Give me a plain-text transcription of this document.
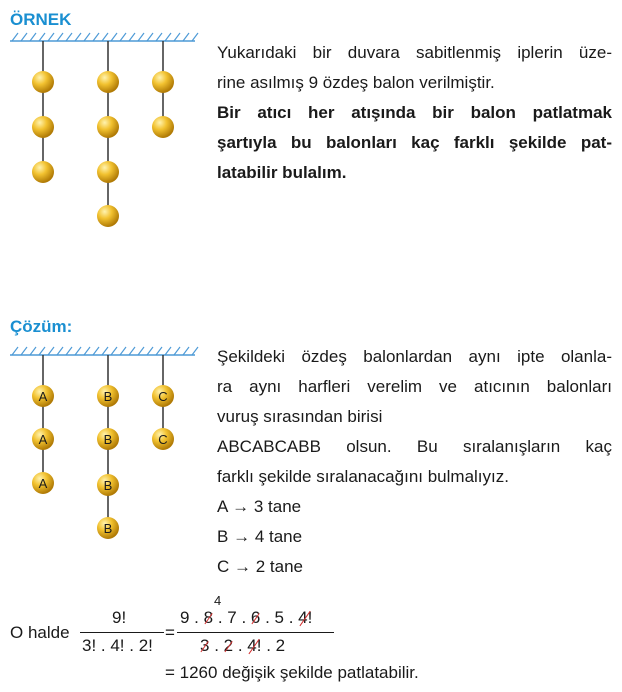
ÖRNEK
Yukarıdaki bir duvara sabitlenmiş iplerin üze-
rine asılmış 9 özdeş balon verilmiştir.
Bir atıcı her atışında bir balon patlatmak
şartıyla bu balonları kaç farklı şekilde pat-
latabilir bulalım.
Çözüm:
A
A
A
B
B
B
B
C
C
Şekildeki özdeş balonlardan aynı ipte olanla-
ra aynı harfleri verelim ve atıcının balonları
vuruş sırasından birisi
ABCABCABB olsun. Bu sıralanışların kaç
farklı şekilde sıralanacağını bulmalıyız.
A → 3 tane
B → 4 tane
C → 2 tane
O halde
9!
3! . 4! . 2!
=
9 . 8 . 7 . 6 . 5 . 4!
4
3 . 2 . 4! . 2
= 1260 değişik şekilde patlatabilir.
